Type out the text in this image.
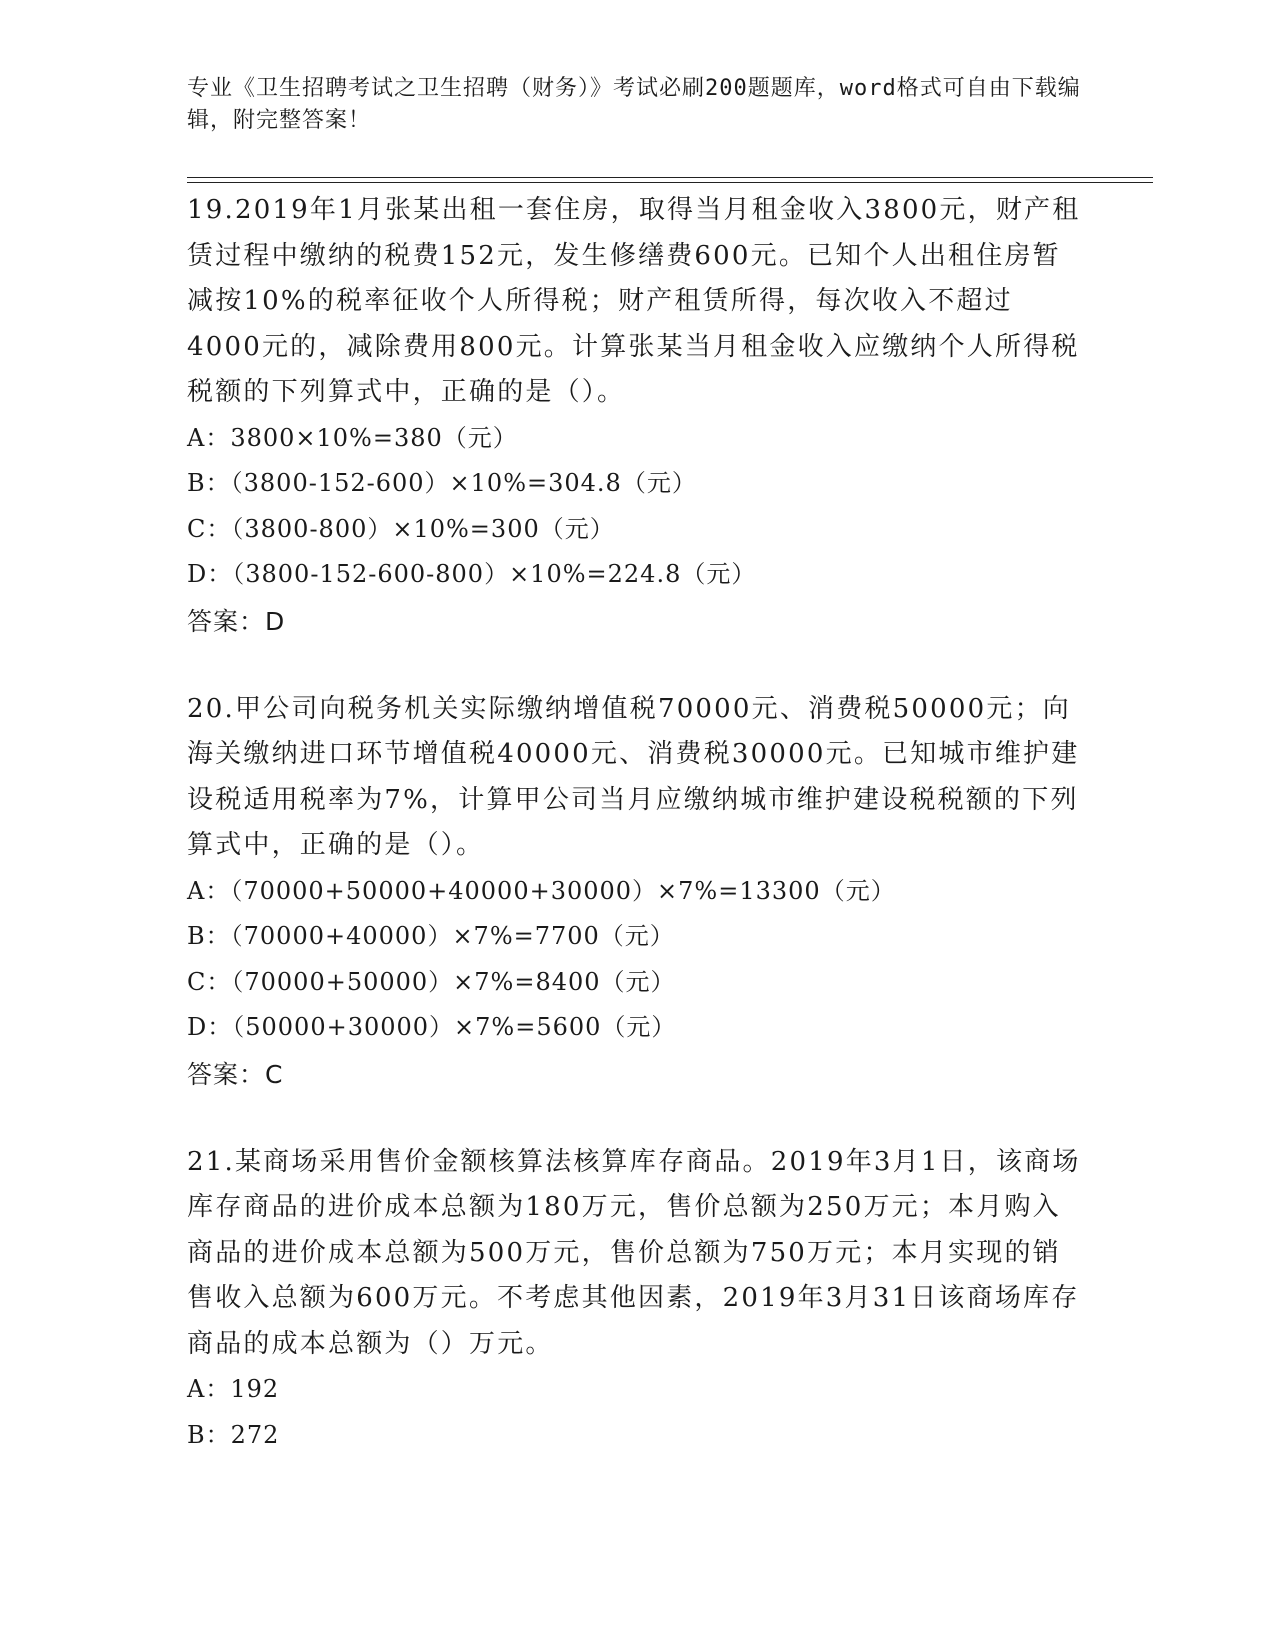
专业《卫生招聘考试之卫生招聘（财务）》考试必刷200题题库，word格式可自由下载编辑，附完整答案！

19.2019年1月张某出租一套住房，取得当月租金收入3800元，财产租赁过程中缴纳的税费152元，发生修缮费600元。已知个人出租住房暂减按10%的税率征收个人所得税；财产租赁所得，每次收入不超过4000元的，减除费用800元。计算张某当月租金收入应缴纳个人所得税税额的下列算式中，正确的是（）。

A：3800×10%=380（元）

B：（3800-152-600）×10%=304.8（元）

C：（3800-800）×10%=300（元）

D：（3800-152-600-800）×10%=224.8（元）

答案：D

20.甲公司向税务机关实际缴纳增值税70000元、消费税50000元；向海关缴纳进口环节增值税40000元、消费税30000元。已知城市维护建设税适用税率为7%，计算甲公司当月应缴纳城市维护建设税税额的下列算式中，正确的是（）。

A：（70000+50000+40000+30000）×7%=13300（元）

B：（70000+40000）×7%=7700（元）

C：（70000+50000）×7%=8400（元）

D：（50000+30000）×7%=5600（元）

答案：C

21.某商场采用售价金额核算法核算库存商品。2019年3月1日，该商场库存商品的进价成本总额为180万元，售价总额为250万元；本月购入商品的进价成本总额为500万元，售价总额为750万元；本月实现的销售收入总额为600万元。不考虑其他因素，2019年3月31日该商场库存商品的成本总额为（）万元。

A：192

B：272
